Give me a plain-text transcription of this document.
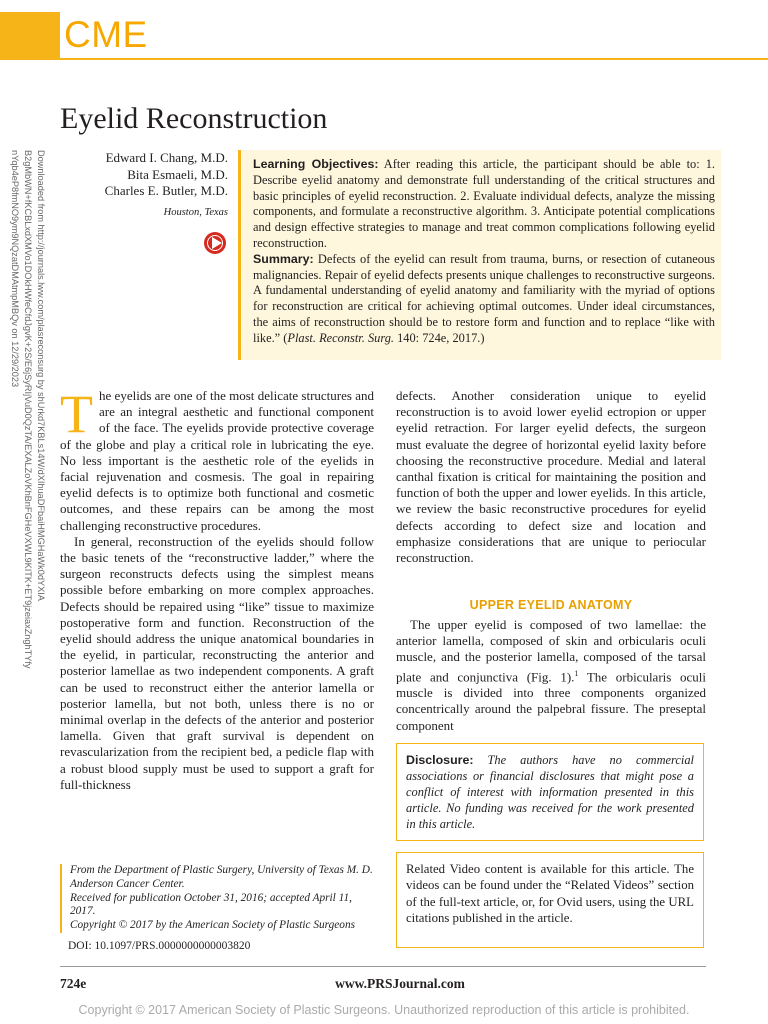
CME
Downloaded from http://journals.lww.com/plasreconsurg by shUrkd7KBLs14W/dXIhuaDFbaiHMGHaWk0dYXIA
B2gMbWN+fKCBLxdXMVo1DOkHWfeCfdJgvK+2S/E6jSyRIjVuD0QzTA/EXALZoVKhBnFGHeVXWL9KITK+ET9jzeiaxZnghTYfy
nYqb4eP8fmNO9ym9NQzatDMAtmpMBQv on 12/29/2023
Eyelid Reconstruction
Edward I. Chang, M.D.
Bita Esmaeli, M.D.
Charles E. Butler, M.D.
Houston, Texas

Learning Objectives: After reading this article, the participant should be able to: 1. Describe eyelid anatomy and demonstrate full understanding of the critical structures and basic principles of eyelid reconstruction. 2. Evaluate individual defects, analyze the missing components, and formulate a reconstructive algorithm. 3. Anticipate potential complications and design effective strategies to manage and treat common complications following eyelid reconstruction.
Summary: Defects of the eyelid can result from trauma, burns, or resection of cutaneous malignancies. Repair of eyelid defects presents unique challenges to reconstructive surgeons. A fundamental understanding of eyelid anatomy and familiarity with the myriad of options for reconstruction are critical for achieving optimal outcomes. Under ideal circumstances, the aims of reconstruction should be to restore form and function and to replace “like with like.” (Plast. Reconstr. Surg. 140: 724e, 2017.)

The eyelids are one of the most delicate structures and are an integral aesthetic and functional component of the face. The eyelids provide protective coverage of the globe and play a critical role in lubricating the eye. No less important is the aesthetic role of the eyelids in facial rejuvenation and cosmesis. The goal in repairing eyelid defects is to optimize both functional and cosmetic outcomes, and these repairs can be among the most challenging reconstructive procedures.

In general, reconstruction of the eyelids should follow the basic tenets of the “reconstructive ladder,” where the surgeon reconstructs defects using the simplest means possible before embarking on more complex approaches. Defects should be repaired using “like” tissue to maximize postoperative form and function. Reconstruction of the eyelid should address the unique anatomical boundaries in the eyelid, in particular, reconstructing the anterior and posterior lamellae as two independent components. A graft can be used to reconstruct either the anterior lamella or posterior lamella, but not both, unless there is no or minimal overlap in the defects of the anterior and posterior lamella. Given that graft survival is dependent on revascularization from the recipient bed, a pedicle flap with a robust blood supply must be used to support a graft for full-thickness

defects. Another consideration unique to eyelid reconstruction is to avoid lower eyelid ectropion or upper eyelid retraction. For larger eyelid defects, the surgeon must evaluate the degree of horizontal eyelid laxity before choosing the reconstructive procedure. Medial and lateral canthal fixation is critical for maintaining the position and function of both the upper and lower eyelids. In this article, we review the basic reconstructive procedures for eyelid defects according to defect size and location and emphasize considerations that are unique to periocular reconstruction.

UPPER EYELID ANATOMY

The upper eyelid is composed of two lamellae: the anterior lamella, composed of skin and orbicularis oculi muscle, and the posterior lamella, composed of the tarsal plate and conjunctiva (Fig. 1).$^1$ The orbicularis oculi muscle is divided into three components organized concentrically around the palpebral fissure. The preseptal component

Disclosure: The authors have no commercial associations or financial disclosures that might pose a conflict of interest with information presented in this article. No funding was received for the work presented in this article.

Related Video content is available for this article. The videos can be found under the “Related Videos” section of the full-text article, or, for Ovid users, using the URL citations published in the article.

From the Department of Plastic Surgery, University of Texas M. D. Anderson Cancer Center.

Received for publication October 31, 2016; accepted April 11, 2017.

Copyright © 2017 by the American Society of Plastic Surgeons

DOI: 10.1097/PRS.0000000000003820
724e	www.PRSJournal.com
Copyright © 2017 American Society of Plastic Surgeons. Unauthorized reproduction of this article is prohibited.
